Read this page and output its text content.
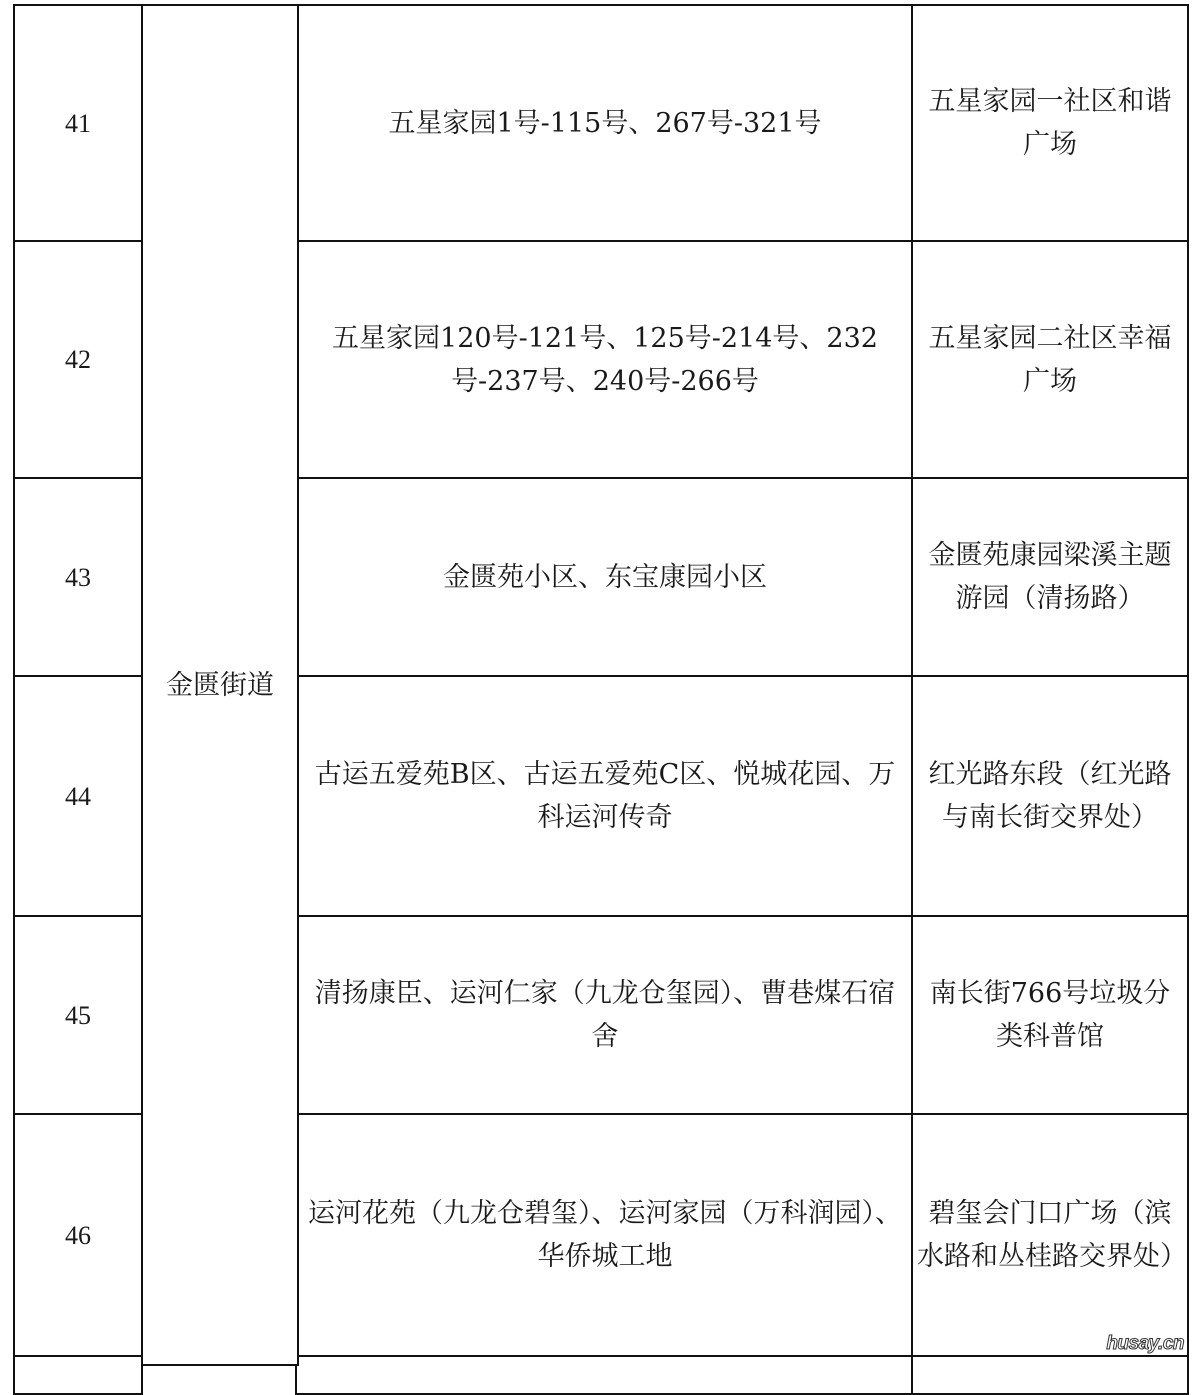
41	五星家园1号-115号、267号-321号
五星家园一社区和谐广场
42
五星家园120号-121号、125号-214号、232号-237号、240号-266号
五星家园二社区幸福广场
43	金匮苑小区、东宝康园小区
金匮苑康园梁溪主题游园（清扬路）
44
古运五爱苑B区、古运五爱苑C区、悦城花园、万科运河传奇
红光路东段（红光路与南长街交界处）
45
清扬康臣、运河仁家（九龙仓玺园）、曹巷煤石宿舍
南长街766号垃圾分类科普馆
46
运河花苑（九龙仓碧玺）、运河家园（万科润园）、华侨城工地
碧玺会门口广场（滨水路和丛桂路交界处）
金匮街道
husay.cn
